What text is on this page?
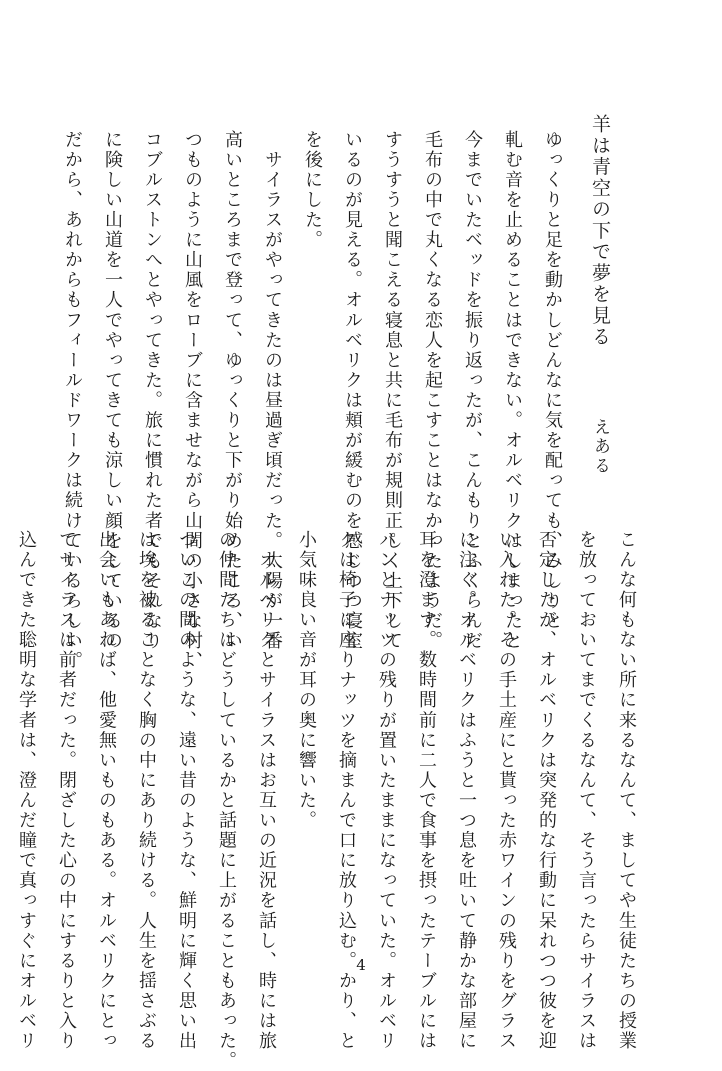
羊は青空の下で夢を見る
えある

ゆっくりと足を動かしどんなに気を配っても、みしりと

軋む音を止めることはできない。オルベリクはしまったと

今までいたベッドを振り返ったが、こんもりとふくらんだ

毛布の中で丸くなる恋人を起こすことはなかったようだ。

すうすうと聞こえる寝息と共に毛布が規則正しく上下して

いるのが見える。オルベリクは頬が緩むのを感じつつ寝室

を後にした。

　サイラスがやってきたのは昼過ぎ頃だった。太陽が一番

高いところまで登って、ゆっくりと下がり始めたころ、い

つものように山風をローブに含ませながら山間の小さな村、

コブルストンへとやってきた。旅に慣れた者でもそれなり

に険しい山道を一人でやってきても涼しい顔をしているの

だから、あれからもフィールドワークは続けているらしい。

こんな何もない所に来るなんて、ましてや生徒たちの授業

を放っておいてまでくるなんて、そう言ったらサイラスは

否定したが、オルベリクは突発的な行動に呆れつつ彼を迎

い入れた。その手土産にと貰った赤ワインの残りをグラス

に注ぐ。オルベリクはふうと一つ息を吐いて静かな部屋に

耳を澄ます。数時間前に二人で食事を摂ったテーブルには

パンとナッツの残りが置いたままになっていた。オルベリ

クは椅子に座りナッツを摘まんで口に放り込む。かり、と

小気味良い音が耳の奥に響いた。

　オルベリクとサイラスはお互いの近況を話し、時には旅

の仲間たちはどうしているかと話題に上がることもあった。

ついこの間のような、遠い昔のような、鮮明に輝く思い出

は埃を被ることなく胸の中にあり続ける。人生を揺さぶる

出会いもあれば、他愛無いものもある。オルベリクにとっ

てサイラスは前者だった。閉ざした心の中にするりと入り

込んできた聡明な学者は、澄んだ瞳で真っすぐにオルベリ	4
